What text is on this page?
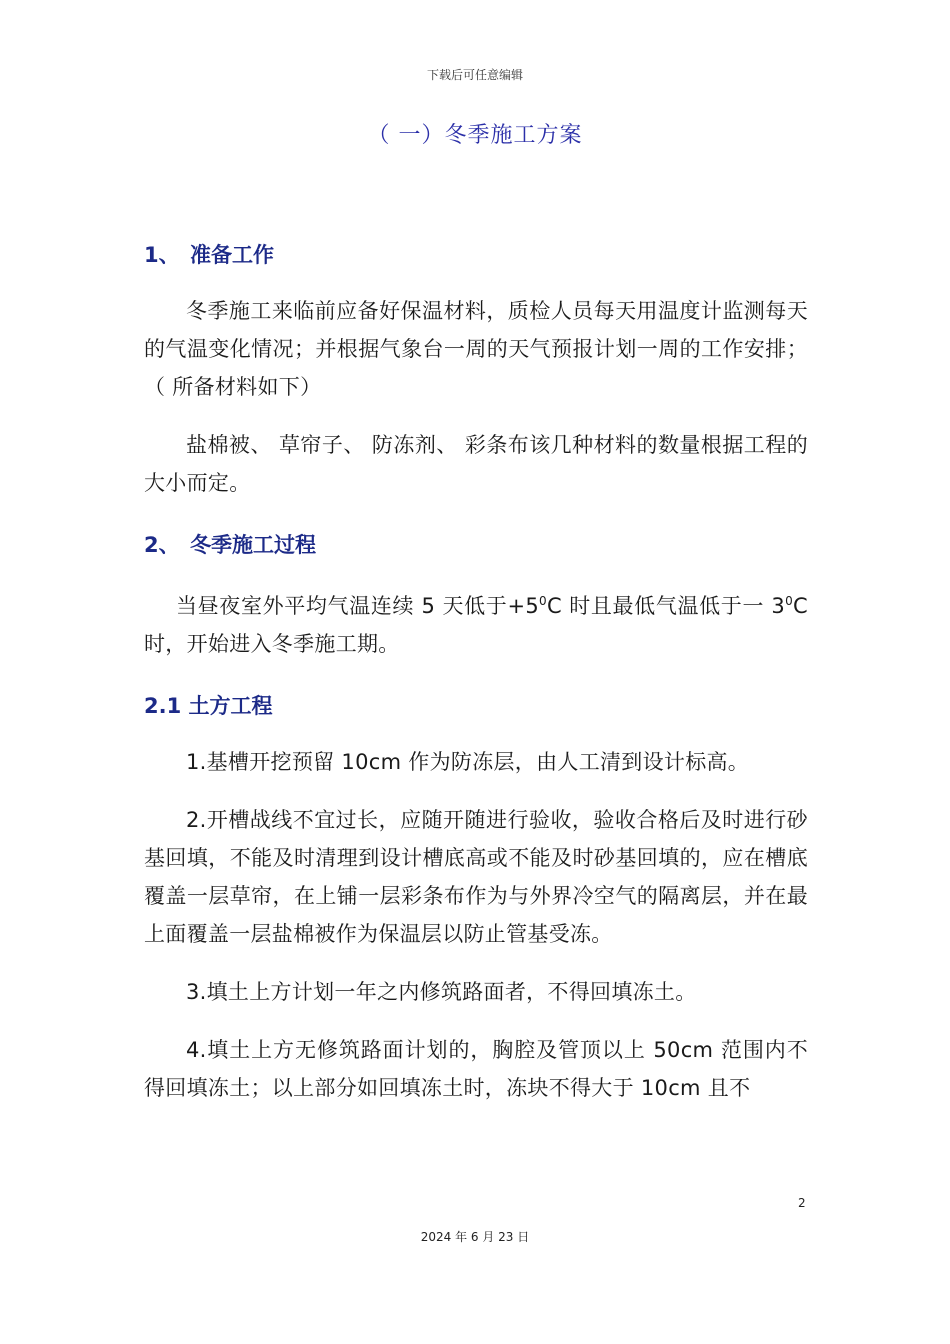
下载后可任意编辑
（ 一）冬季施工方案
1、 准备工作

冬季施工来临前应备好保温材料，质检人员每天用温度计监测每天的气温变化情况；并根据气象台一周的天气预报计划一周的工作安排；（ 所备材料如下）

盐棉被、 草帘子、 防冻剂、 彩条布该几种材料的数量根据工程的大小而定。

2、 冬季施工过程

当昼夜室外平均气温连续 5 天低于$+5^0C$ 时且最低气温低于一 $3^0C$ 时，开始进入冬季施工期。

2.1 土方工程

1.基槽开挖预留 10cm 作为防冻层，由人工清到设计标高。

2.开槽战线不宜过长，应随开随进行验收，验收合格后及时进行砂基回填，不能及时清理到设计槽底高或不能及时砂基回填的，应在槽底覆盖一层草帘，在上铺一层彩条布作为与外界冷空气的隔离层，并在最上面覆盖一层盐棉被作为保温层以防止管基受冻。

3.填土上方计划一年之内修筑路面者，不得回填冻土。

4.填土上方无修筑路面计划的，胸腔及管顶以上 50cm 范围内不得回填冻土；以上部分如回填冻土时，冻块不得大于 10cm 且不

2
2024 年 6 月 23 日
